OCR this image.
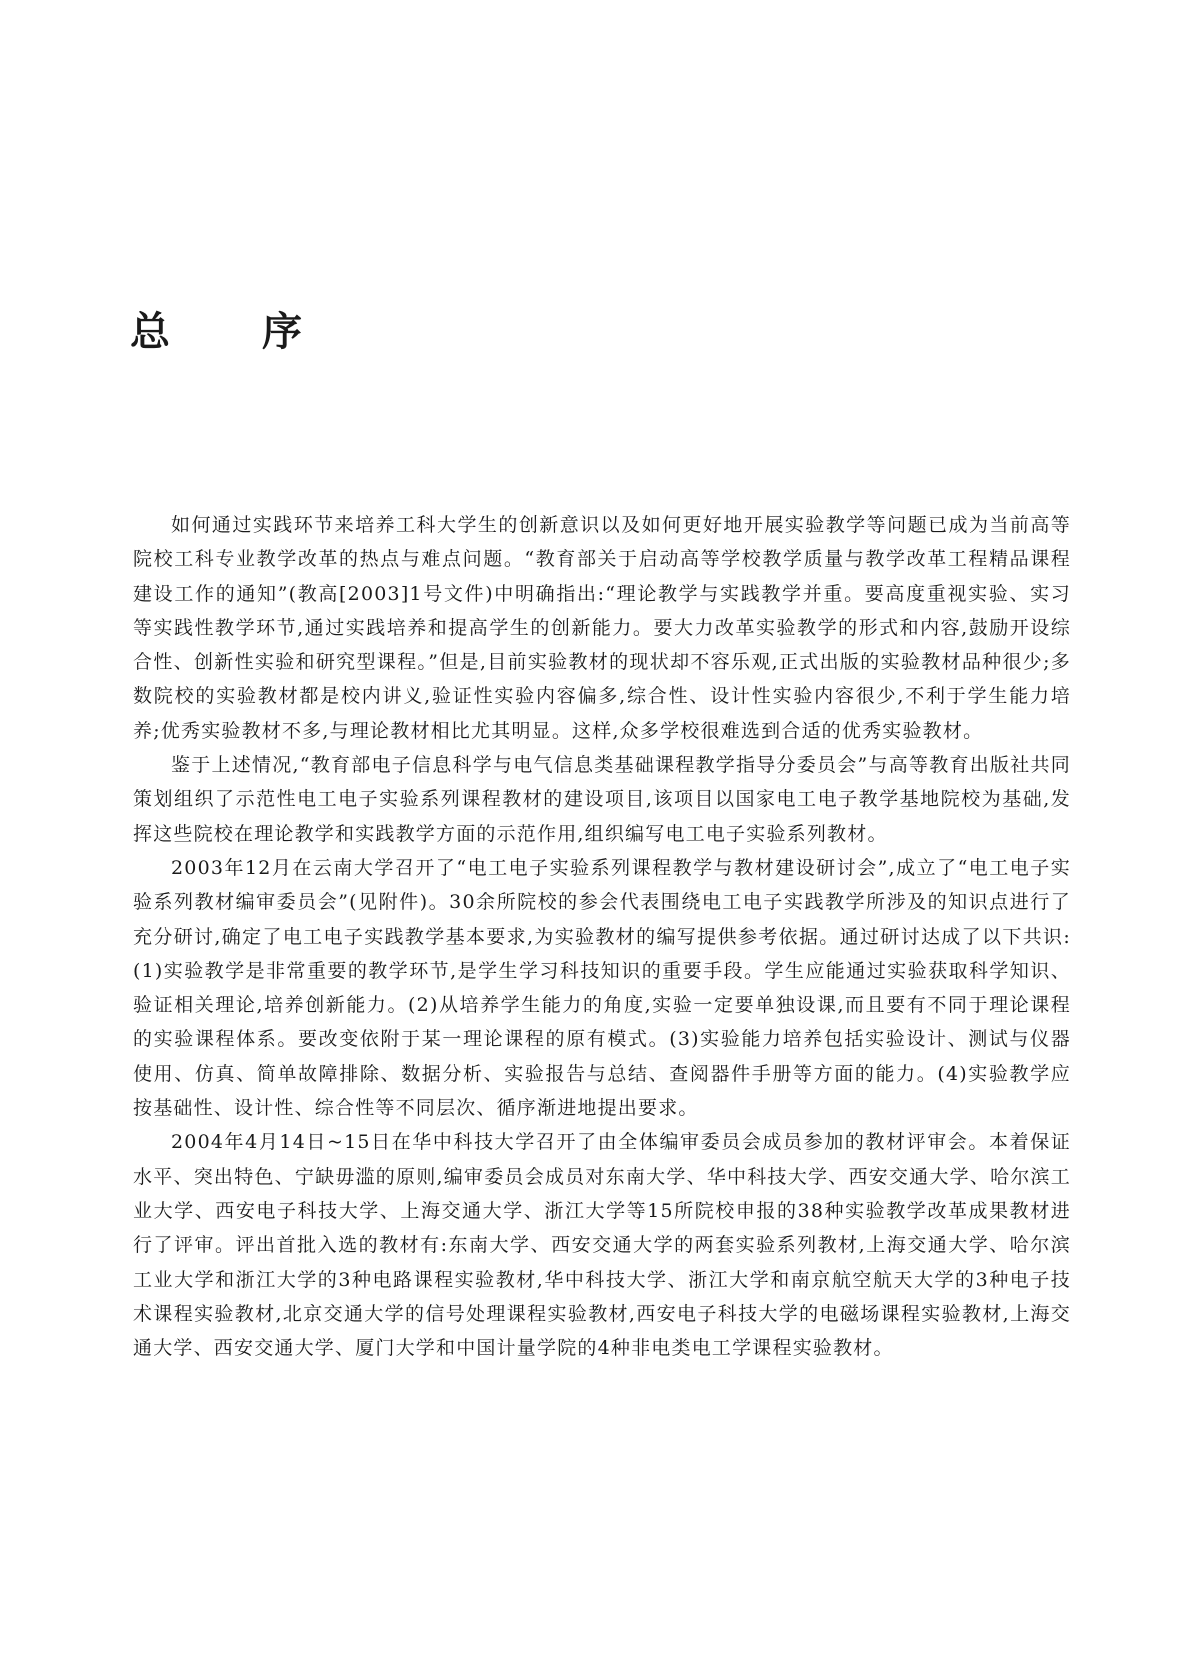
总 序

如何通过实践环节来培养工科大学生的创新意识以及如何更好地开展实验教学等问题已成为当前高等院校工科专业教学改革的热点与难点问题。“教育部关于启动高等学校教学质量与教学改革工程精品课程建设工作的通知”(教高[2003]1号文件)中明确指出:“理论教学与实践教学并重。要高度重视实验、实习等实践性教学环节,通过实践培养和提高学生的创新能力。要大力改革实验教学的形式和内容,鼓励开设综合性、创新性实验和研究型课程。”但是,目前实验教材的现状却不容乐观,正式出版的实验教材品种很少;多数院校的实验教材都是校内讲义,验证性实验内容偏多,综合性、设计性实验内容很少,不利于学生能力培养;优秀实验教材不多,与理论教材相比尤其明显。这样,众多学校很难选到合适的优秀实验教材。

鉴于上述情况,“教育部电子信息科学与电气信息类基础课程教学指导分委员会”与高等教育出版社共同策划组织了示范性电工电子实验系列课程教材的建设项目,该项目以国家电工电子教学基地院校为基础,发挥这些院校在理论教学和实践教学方面的示范作用,组织编写电工电子实验系列教材。

2003年12月在云南大学召开了“电工电子实验系列课程教学与教材建设研讨会”,成立了“电工电子实验系列教材编审委员会”(见附件)。30余所院校的参会代表围绕电工电子实践教学所涉及的知识点进行了充分研讨,确定了电工电子实践教学基本要求,为实验教材的编写提供参考依据。通过研讨达成了以下共识:(1)实验教学是非常重要的教学环节,是学生学习科技知识的重要手段。学生应能通过实验获取科学知识、验证相关理论,培养创新能力。(2)从培养学生能力的角度,实验一定要单独设课,而且要有不同于理论课程的实验课程体系。要改变依附于某一理论课程的原有模式。(3)实验能力培养包括实验设计、测试与仪器使用、仿真、简单故障排除、数据分析、实验报告与总结、查阅器件手册等方面的能力。(4)实验教学应按基础性、设计性、综合性等不同层次、循序渐进地提出要求。

2004年4月14日~15日在华中科技大学召开了由全体编审委员会成员参加的教材评审会。本着保证水平、突出特色、宁缺毋滥的原则,编审委员会成员对东南大学、华中科技大学、西安交通大学、哈尔滨工业大学、西安电子科技大学、上海交通大学、浙江大学等15所院校申报的38种实验教学改革成果教材进行了评审。评出首批入选的教材有:东南大学、西安交通大学的两套实验系列教材,上海交通大学、哈尔滨工业大学和浙江大学的3种电路课程实验教材,华中科技大学、浙江大学和南京航空航天大学的3种电子技术课程实验教材,北京交通大学的信号处理课程实验教材,西安电子科技大学的电磁场课程实验教材,上海交通大学、西安交通大学、厦门大学和中国计量学院的4种非电类电工学课程实验教材。
